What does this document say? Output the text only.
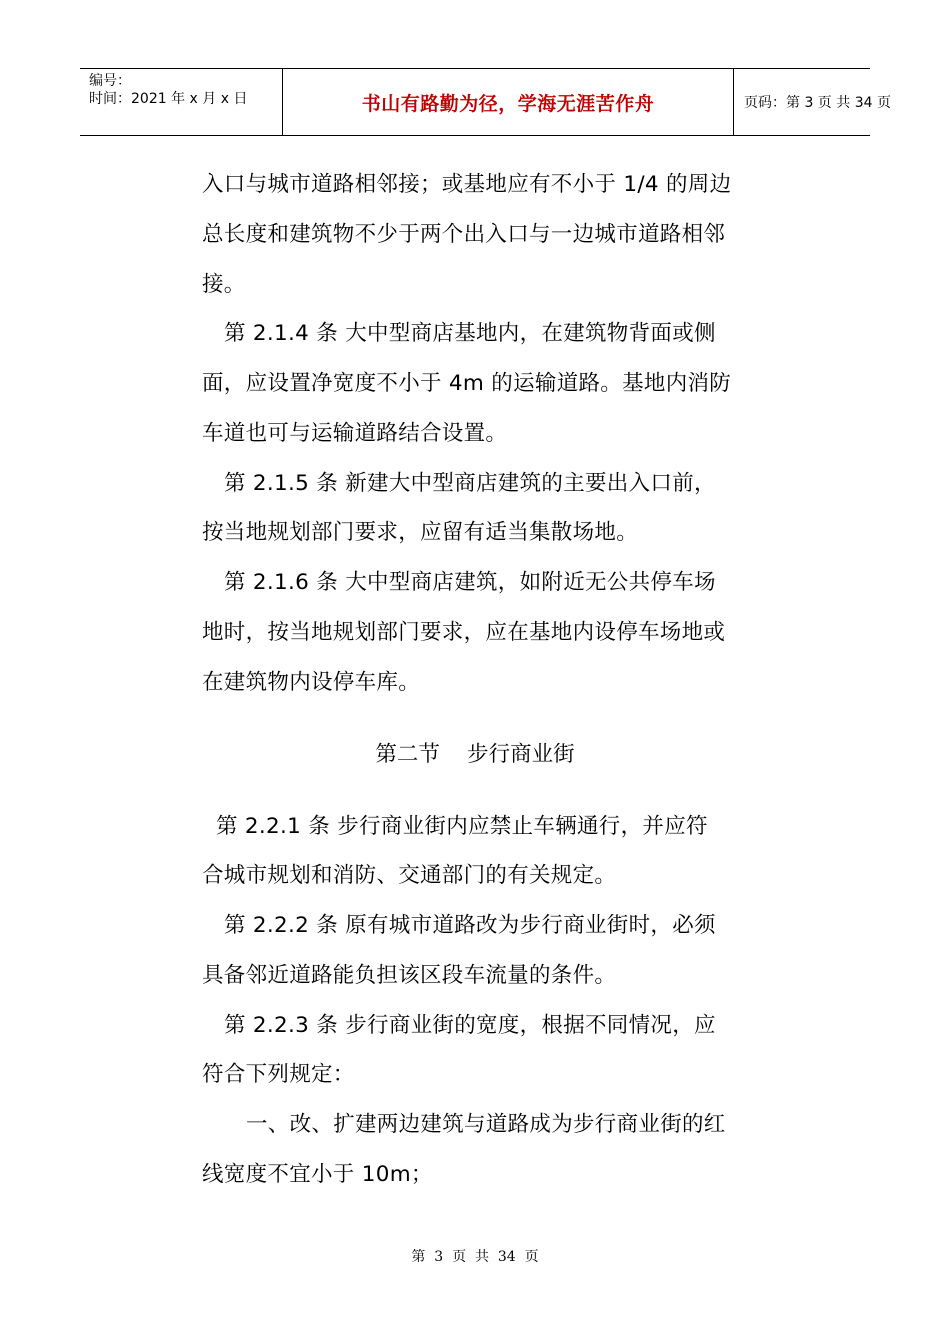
编号：
时间：2021 年 x 月 x 日	书山有路勤为径，学海无涯苦作舟	页码：第 3 页 共 34 页
入口与城市道路相邻接；或基地应有不小于 1/4 的周边
总长度和建筑物不少于两个出入口与一边城市道路相邻
接。
第 2.1.4 条 大中型商店基地内，在建筑物背面或侧
面，应设置净宽度不小于 4m 的运输道路。基地内消防
车道也可与运输道路结合设置。
第 2.1.5 条 新建大中型商店建筑的主要出入口前，
按当地规划部门要求，应留有适当集散场地。
第 2.1.6 条 大中型商店建筑，如附近无公共停车场
地时，按当地规划部门要求，应在基地内设停车场地或
在建筑物内设停车库。
第二节    步行商业街
第 2.2.1 条 步行商业街内应禁止车辆通行，并应符
合城市规划和消防、交通部门的有关规定。
第 2.2.2 条 原有城市道路改为步行商业街时，必须
具备邻近道路能负担该区段车流量的条件。
第 2.2.3 条 步行商业街的宽度，根据不同情况，应
符合下列规定：
一、改、扩建两边建筑与道路成为步行商业街的红
线宽度不宜小于 10m；
第  3  页  共  34  页
